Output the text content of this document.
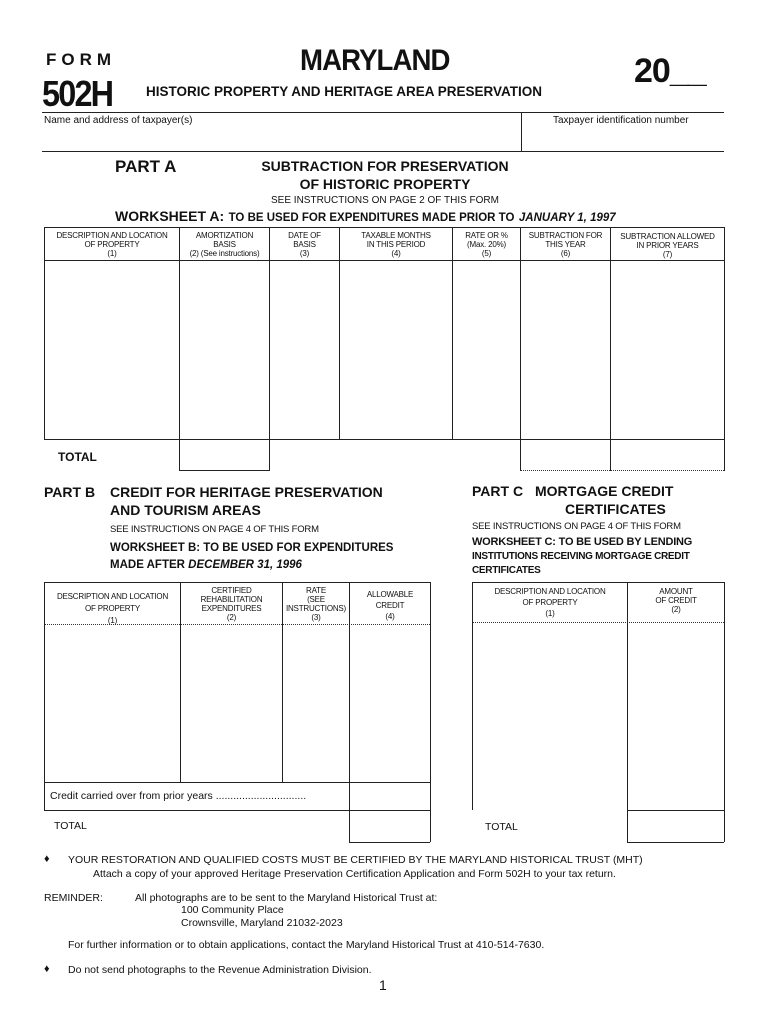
FORM
502H
MARYLAND
HISTORIC PROPERTY AND HERITAGE AREA PRESERVATION
20__
Name and address of taxpayer(s)	Taxpayer identification number
PART A	SUBTRACTION FOR PRESERVATION
OF HISTORIC PROPERTY
SEE INSTRUCTIONS ON PAGE 2 OF THIS FORM
WORKSHEET A: TO BE USED FOR EXPENDITURES MADE PRIOR TO JANUARY 1, 1997
DESCRIPTION AND LOCATION
OF PROPERTY
(1)
AMORTIZATION
BASIS
(2) (See instructions)
DATE OF
BASIS
(3)
TAXABLE MONTHS
IN THIS PERIOD
(4)
RATE OR %
(Max. 20%)
(5)
SUBTRACTION FOR
THIS YEAR
(6)
SUBTRACTION ALLOWED
IN PRIOR YEARS
(7)
TOTAL
PART B CREDIT FOR HERITAGE PRESERVATION
AND TOURISM AREAS
SEE INSTRUCTIONS ON PAGE 4 OF THIS FORM
WORKSHEET B: TO BE USED FOR EXPENDITURES
MADE AFTER DECEMBER 31, 1996
DESCRIPTION AND LOCATION
OF PROPERTY
(1)
CERTIFIED
REHABILITATION
EXPENDITURES
(2)
RATE
(SEE
INSTRUCTIONS)
(3)
ALLOWABLE
CREDIT
(4)
Credit carried over from prior years ...............................
TOTAL
PART C MORTGAGE CREDIT
CERTIFICATES
SEE INSTRUCTIONS ON PAGE 4 OF THIS FORM
WORKSHEET C: TO BE USED BY LENDING
INSTITUTIONS RECEIVING MORTGAGE CREDIT
CERTIFICATES
DESCRIPTION AND LOCATION
OF PROPERTY
(1)
AMOUNT
OF CREDIT
(2)
TOTAL
♦ YOUR RESTORATION AND QUALIFIED COSTS MUST BE CERTIFIED BY THE MARYLAND HISTORICAL TRUST (MHT)
Attach a copy of your approved Heritage Preservation Certification Application and Form 502H to your tax return.
REMINDER:	All photographs are to be sent to the Maryland Historical Trust at:
100 Community Place
Crownsville, Maryland 21032-2023
For further information or to obtain applications, contact the Maryland Historical Trust at 410-514-7630.
♦ Do not send photographs to the Revenue Administration Division.
1
